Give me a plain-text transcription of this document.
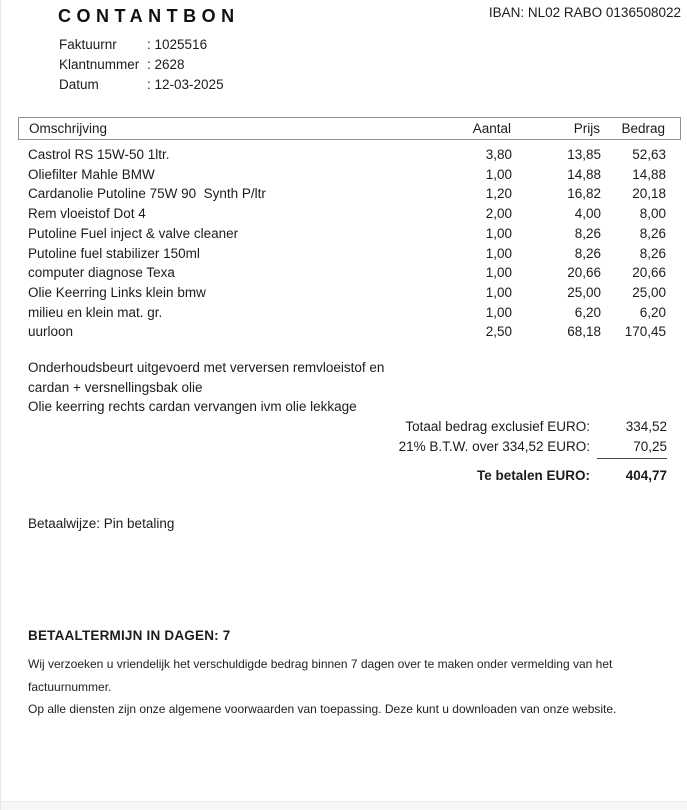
CONTANTBON	IBAN: NL02 RABO 0136508022
Faktuurnr	: 1025516
Klantnummer	: 2628
Datum	: 12-03-2025
Omschrijving	Aantal	Prijs	Bedrag
Castrol RS 15W-50 1ltr.	3,80	13,85	52,63
Oliefilter Mahle BMW	1,00	14,88	14,88
Cardanolie Putoline 75W 90  Synth P/ltr	1,20	16,82	20,18
Rem vloeistof Dot 4	2,00	4,00	8,00
Putoline Fuel inject & valve cleaner	1,00	8,26	8,26
Putoline fuel stabilizer 150ml	1,00	8,26	8,26
computer diagnose Texa	1,00	20,66	20,66
Olie Keerring Links klein bmw	1,00	25,00	25,00
milieu en klein mat. gr.	1,00	6,20	6,20
uurloon	2,50	68,18	170,45
Onderhoudsbeurt uitgevoerd met verversen remvloeistof en
cardan + versnellingsbak olie
Olie keerring rechts cardan vervangen ivm olie lekkage
Totaal bedrag exclusief EURO:	334,52
21% B.T.W. over 334,52 EURO:	70,25
Te betalen EURO:	404,77
Betaalwijze: Pin betaling
BETAALTERMIJN IN DAGEN: 7
Wij verzoeken u vriendelijk het verschuldigde bedrag binnen 7 dagen over te maken onder vermelding van het factuurnummer.
Op alle diensten zijn onze algemene voorwaarden van toepassing. Deze kunt u downloaden van onze website.
